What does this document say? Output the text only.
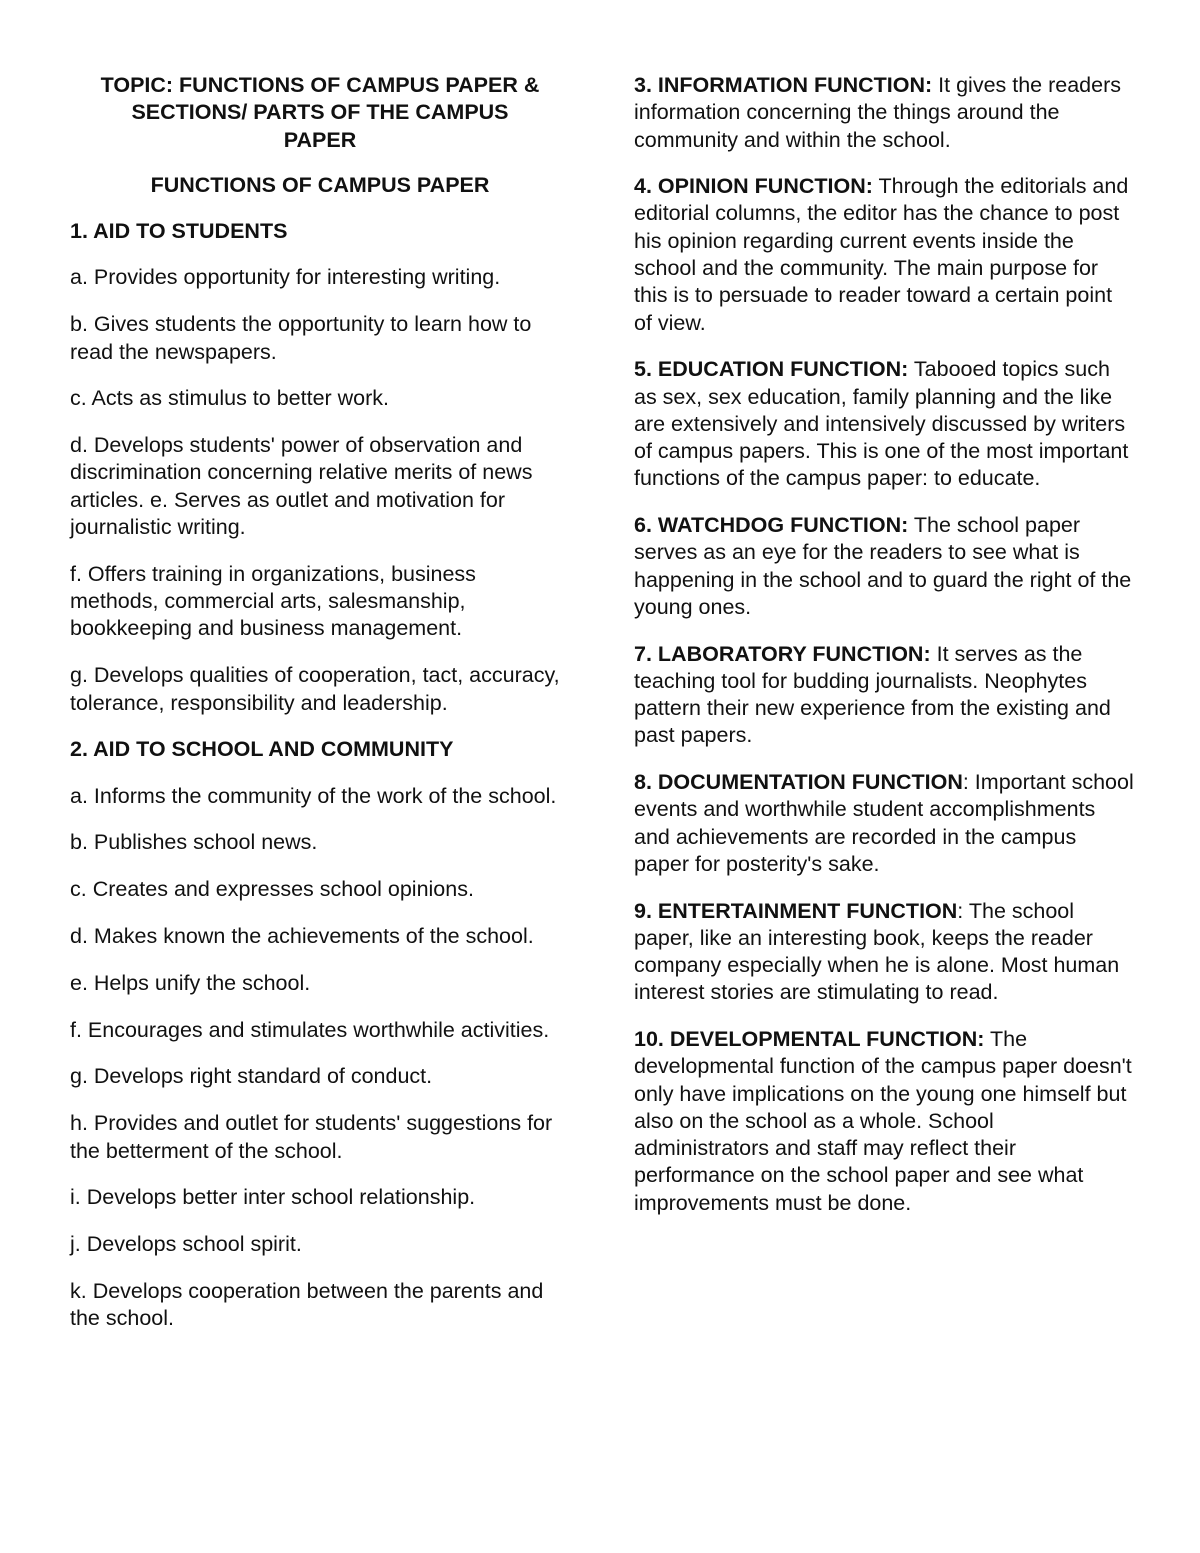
TOPIC: FUNCTIONS OF CAMPUS PAPER &
SECTIONS/ PARTS OF THE CAMPUS
PAPER
FUNCTIONS OF CAMPUS PAPER
1. AID TO STUDENTS
a. Provides opportunity for interesting writing.
b. Gives students the opportunity to learn how to read the newspapers.
c. Acts as stimulus to better work.
d. Develops students' power of observation and discrimination concerning relative merits of news articles. e. Serves as outlet and motivation for journalistic writing.
f. Offers training in organizations, business methods, commercial arts, salesmanship, bookkeeping and business management.
g. Develops qualities of cooperation, tact, accuracy, tolerance, responsibility and leadership.
2. AID TO SCHOOL AND COMMUNITY
a. Informs the community of the work of the school.
b. Publishes school news.
c. Creates and expresses school opinions.
d. Makes known the achievements of the school.
e. Helps unify the school.
f. Encourages and stimulates worthwhile activities.
g. Develops right standard of conduct.
h. Provides and outlet for students' suggestions for the betterment of the school.
i. Develops better inter school relationship.
j. Develops school spirit.
k. Develops cooperation between the parents and the school.
3. INFORMATION FUNCTION: It gives the readers information concerning the things around the community and within the school.
4. OPINION FUNCTION: Through the editorials and editorial columns, the editor has the chance to post his opinion regarding current events inside the school and the community. The main purpose for this is to persuade to reader toward a certain point of view.
5. EDUCATION FUNCTION: Tabooed topics such as sex, sex education, family planning and the like are extensively and intensively discussed by writers of campus papers. This is one of the most important functions of the campus paper: to educate.
6. WATCHDOG FUNCTION: The school paper serves as an eye for the readers to see what is happening in the school and to guard the right of the young ones.
7. LABORATORY FUNCTION: It serves as the teaching tool for budding journalists. Neophytes pattern their new experience from the existing and past papers.
8. DOCUMENTATION FUNCTION: Important school events and worthwhile student accomplishments and achievements are recorded in the campus paper for posterity's sake.
9. ENTERTAINMENT FUNCTION: The school paper, like an interesting book, keeps the reader company especially when he is alone. Most human interest stories are stimulating to read.
10. DEVELOPMENTAL FUNCTION: The developmental function of the campus paper doesn't only have implications on the young one himself but also on the school as a whole. School administrators and staff may reflect their performance on the school paper and see what improvements must be done.
